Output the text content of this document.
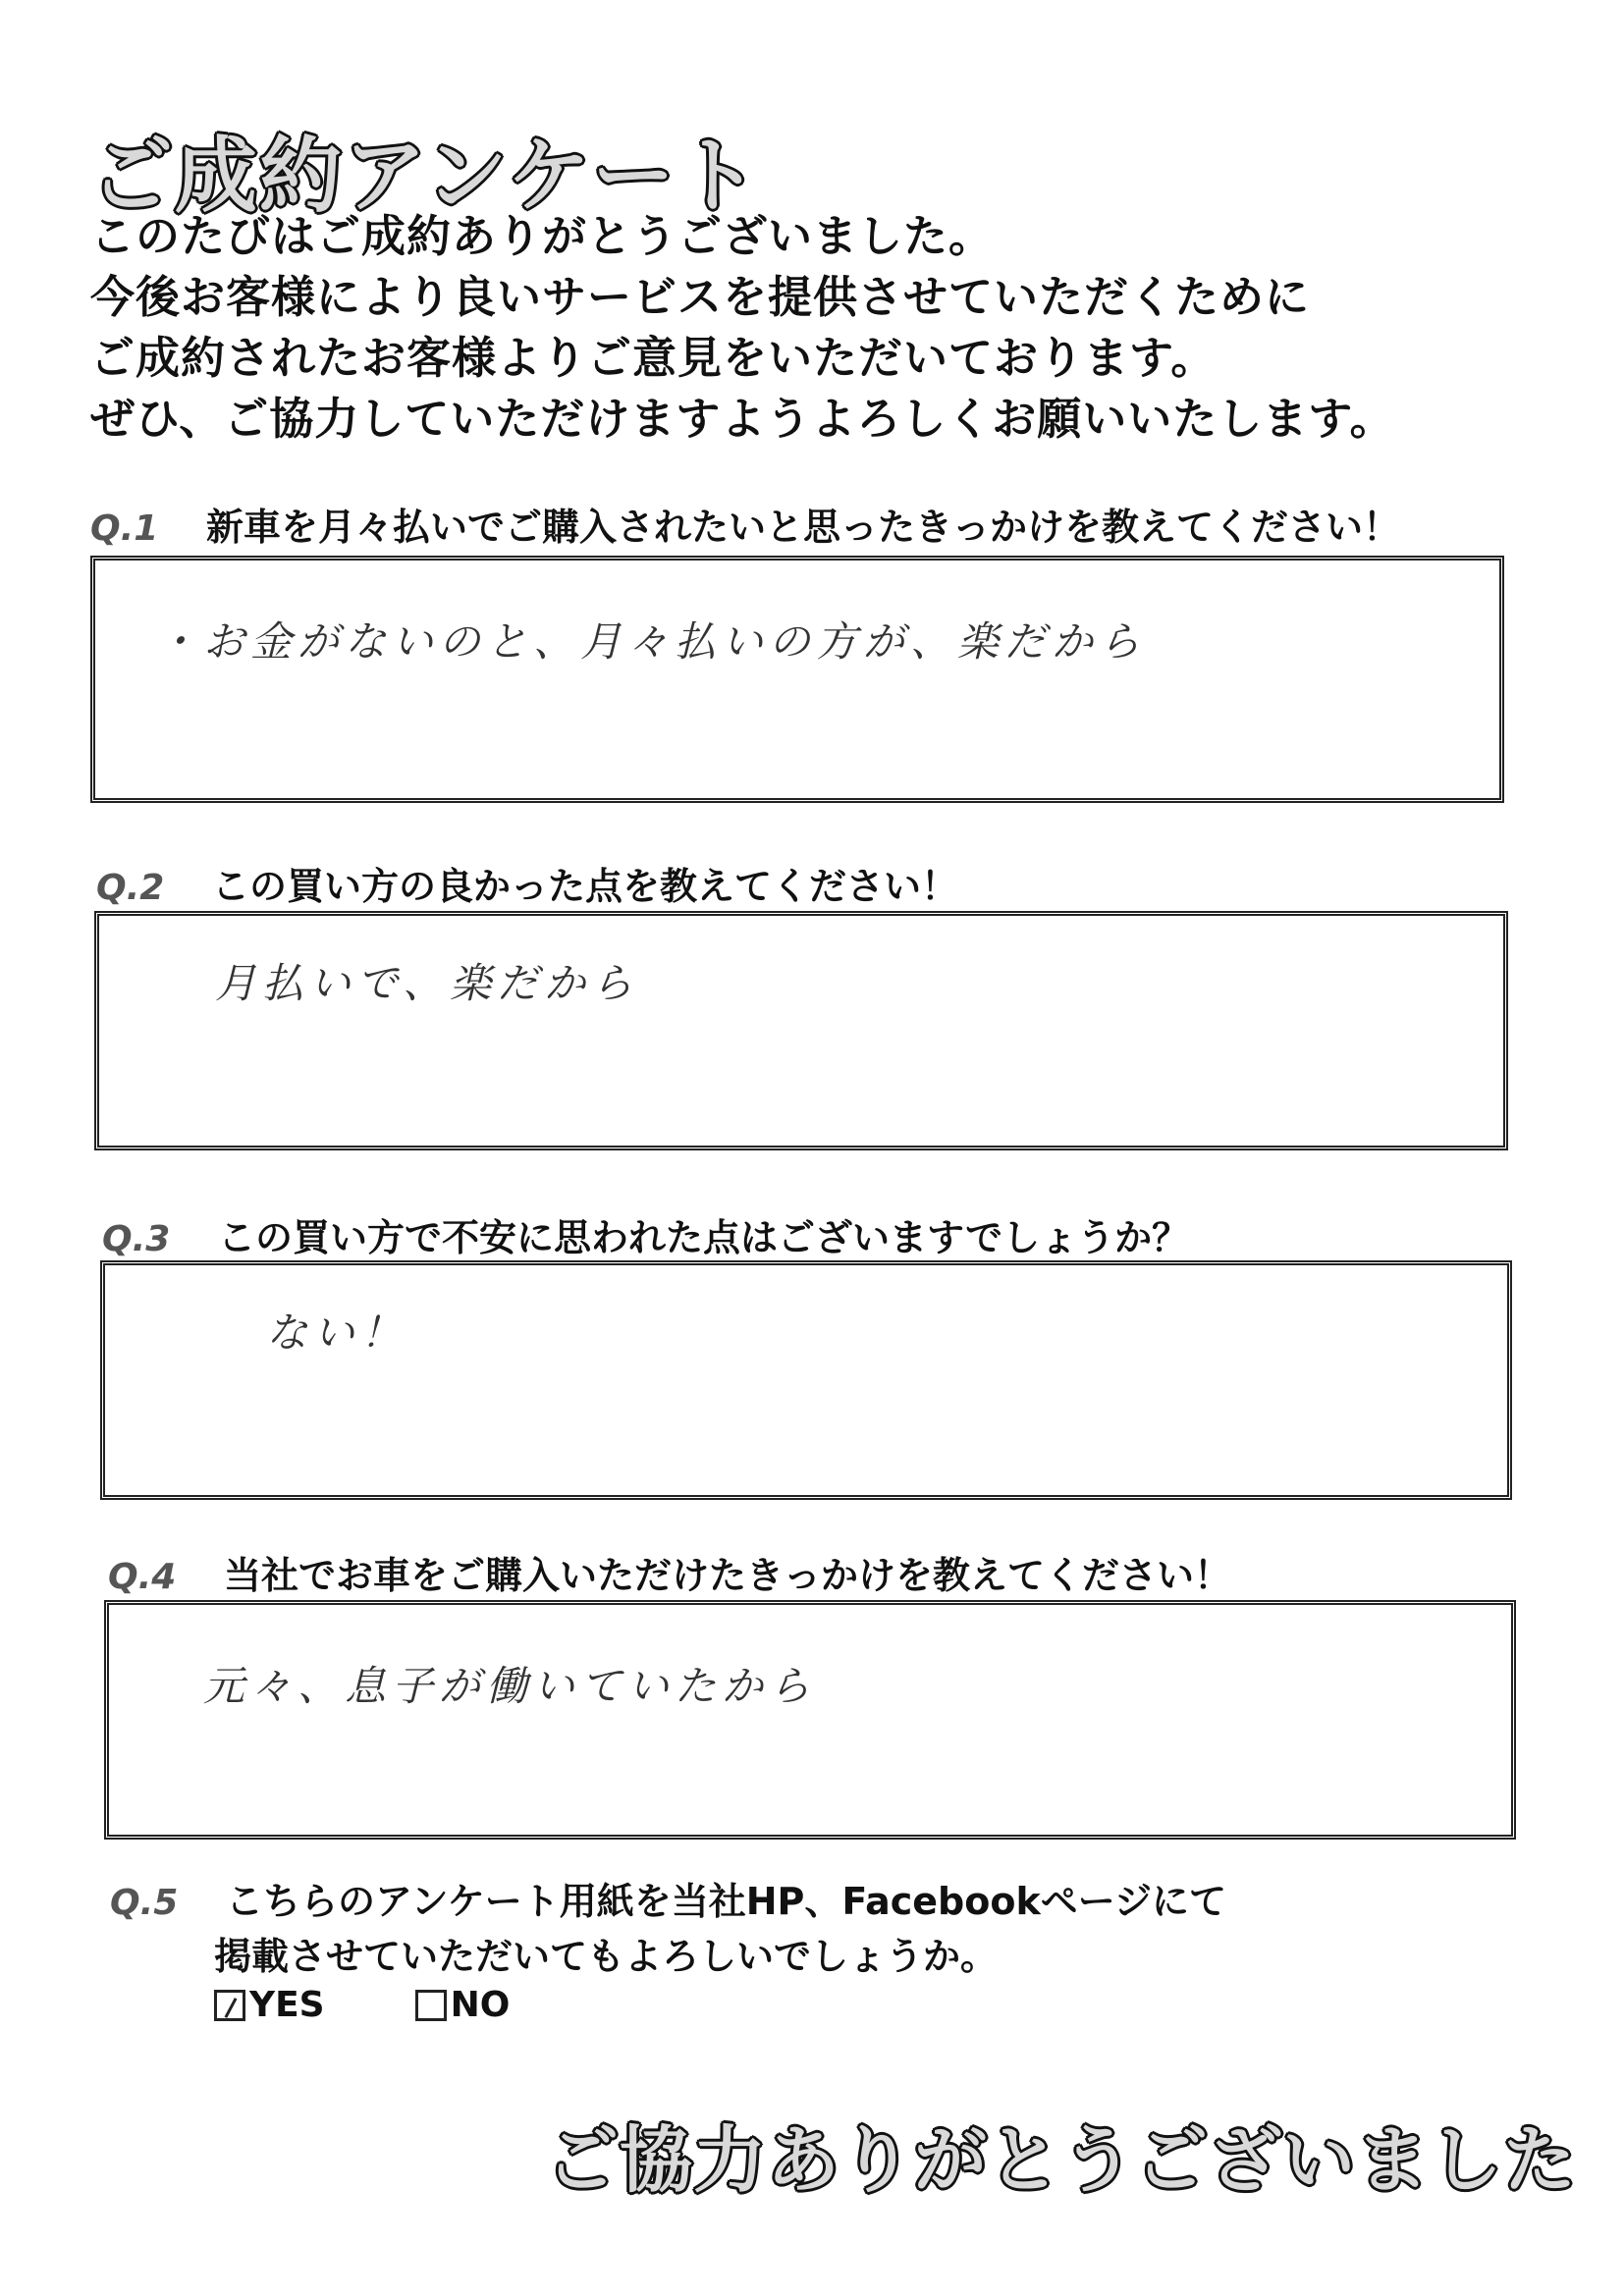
ご成約アンケート
このたびはご成約ありがとうございました。
今後お客様により良いサービスを提供させていただくために
ご成約されたお客様よりご意見をいただいております。
ぜひ、ご協力していただけますようよろしくお願いいたします。
Q.1 新車を月々払いでご購入されたいと思ったきっかけを教えてください！
・お金がないのと、月々払いの方が、楽だから
Q.2 この買い方の良かった点を教えてください！
月払いで、楽だから
Q.3 この買い方で不安に思われた点はございますでしょうか？
ない！
Q.4 当社でお車をご購入いただけたきっかけを教えてください！
元々、息子が働いていたから
Q.5 こちらのアンケート用紙を当社HP、Facebookページにて
掲載させていただいてもよろしいでしょうか。
YES	NO
ご協力ありがとうございました
